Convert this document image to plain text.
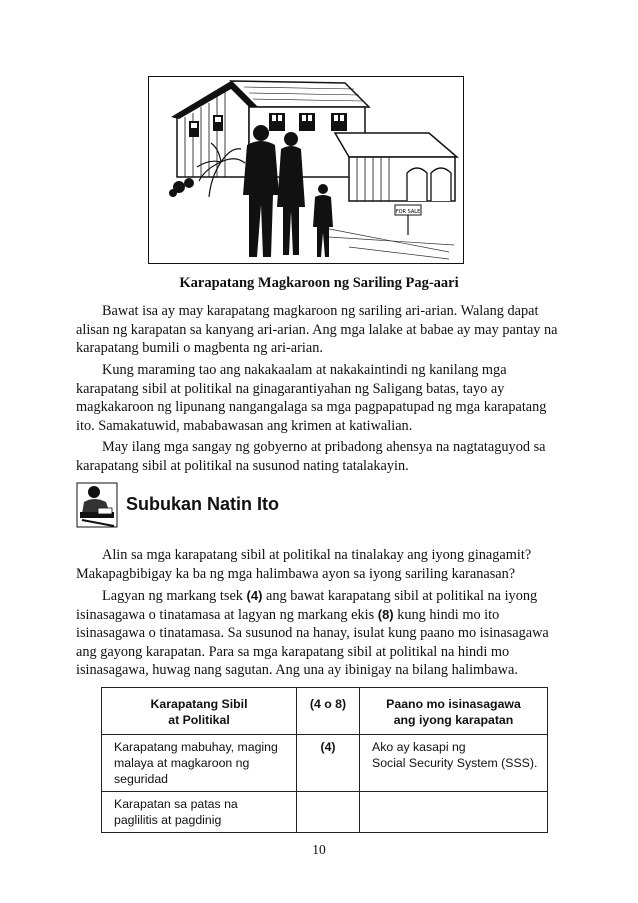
FOR SALE
Karapatang Magkaroon ng Sariling Pag-aari

Bawat isa ay may karapatang magkaroon ng sariling ari-arian. Walang dapat alisan ng karapatan sa kanyang ari-arian. Ang mga lalake at babae ay may pantay na karapatang bumili o magbenta ng ari-arian.

Kung maraming tao ang nakakaalam at nakakaintindi ng kanilang mga karapatang sibil at politikal na ginagarantiyahan ng Saligang batas, tayo ay magkakaroon ng lipunang nangangalaga sa mga pagpapatupad ng mga karapatang ito. Samakatuwid, mababawasan ang krimen at katiwalian.

May ilang mga sangay ng gobyerno at pribadong ahensya na nagtataguyod sa karapatang sibil at politikal na susunod nating tatalakayin.

Subukan Natin Ito

Alin sa mga karapatang sibil at politikal na tinalakay ang iyong ginagamit? Makapagbibigay ka ba ng mga halimbawa ayon sa iyong sariling karanasan?

Lagyan ng markang tsek (4) ang bawat karapatang sibil at politikal na iyong isinasagawa o tinatamasa at lagyan ng markang ekis (8) kung hindi mo ito isinasagawa o tinatamasa. Sa susunod na hanay, isulat kung paano mo isinasagawa ang gayong karapatan. Para sa mga karapatang sibil at politikal na hindi mo isinasagawa, huwag nang sagutan. Ang una ay ibinigay na bilang halimbawa.

Karapatang Sibil
at Politikal	(4 o 8)	Paano mo isinasagawa
ang iyong karapatan
Karapatang mabuhay, maging malaya at magkaroon ng seguridad	(4)	Ako ay kasapi ng
Social Security System (SSS).
Karapatan sa patas na paglilitis at pagdinig		
10
